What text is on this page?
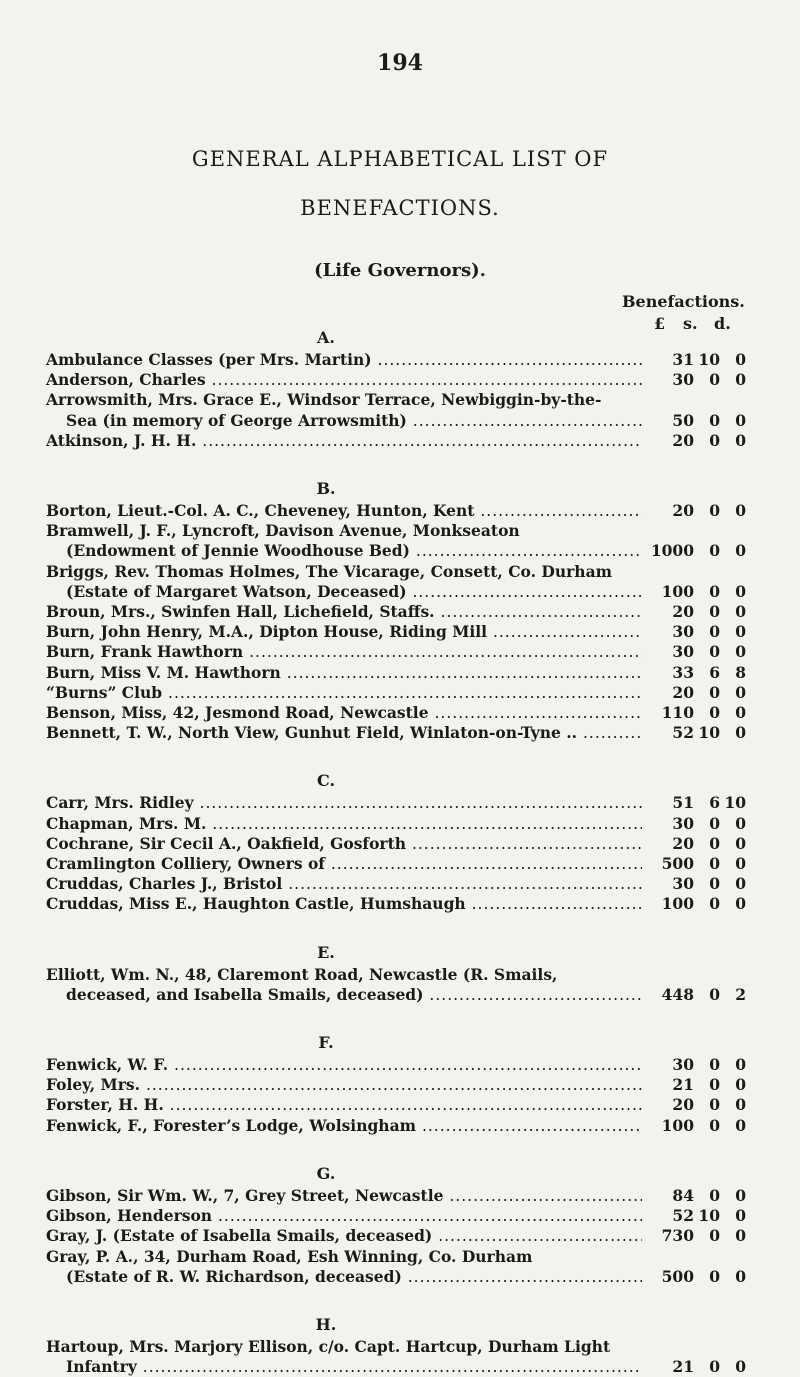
194
GENERAL ALPHABETICAL LIST OF
BENEFACTIONS.
(Life Governors).
Benefactions.
£ s. d.
A.
Ambulance Classes (per Mrs. Martin) .....	31 10 0
Anderson, Charles .....	30 0 0
Arrowsmith, Mrs. Grace E., Windsor Terrace, Newbiggin-by-the-
Sea (in memory of George Arrowsmith) .....	50 0 0
Atkinson, J. H. H. .....	20 0 0
B.
Borton, Lieut.-Col. A. C., Cheveney, Hunton, Kent .....	20 0 0
Bramwell, J. F., Lyncroft, Davison Avenue, Monkseaton
(Endowment of Jennie Woodhouse Bed) .....	1000 0 0
Briggs, Rev. Thomas Holmes, The Vicarage, Consett, Co. Durham
(Estate of Margaret Watson, Deceased) .....	100 0 0
Broun, Mrs., Swinfen Hall, Lichefield, Staffs. .....	20 0 0
Burn, John Henry, M.A., Dipton House, Riding Mill .....	30 0 0
Burn, Frank Hawthorn .....	30 0 0
Burn, Miss V. M. Hawthorn .....	33 6 8
“Burns” Club .....	20 0 0
Benson, Miss, 42, Jesmond Road, Newcastle .....	110 0 0
Bennett, T. W., North View, Gunhut Field, Winlaton-on-Tyne .. .....	52 10 0
C.
Carr, Mrs. Ridley .....	51 6 10
Chapman, Mrs. M. .....	30 0 0
Cochrane, Sir Cecil A., Oakfield, Gosforth .....	20 0 0
Cramlington Colliery, Owners of .....	500 0 0
Cruddas, Charles J., Bristol .....	30 0 0
Cruddas, Miss E., Haughton Castle, Humshaugh .....	100 0 0
E.
Elliott, Wm. N., 48, Claremont Road, Newcastle (R. Smails,
deceased, and Isabella Smails, deceased) .....	448 0 2
F.
Fenwick, W. F. .....	30 0 0
Foley, Mrs. .....	21 0 0
Forster, H. H. .....	20 0 0
Fenwick, F., Forester’s Lodge, Wolsingham .....	100 0 0
G.
Gibson, Sir Wm. W., 7, Grey Street, Newcastle .....	84 0 0
Gibson, Henderson .....	52 10 0
Gray, J. (Estate of Isabella Smails, deceased) .....	730 0 0
Gray, P. A., 34, Durham Road, Esh Winning, Co. Durham
(Estate of R. W. Richardson, deceased) .....	500 0 0
H.
Hartoup, Mrs. Marjory Ellison, c/o. Capt. Hartcup, Durham Light
Infantry .....	21 0 0
